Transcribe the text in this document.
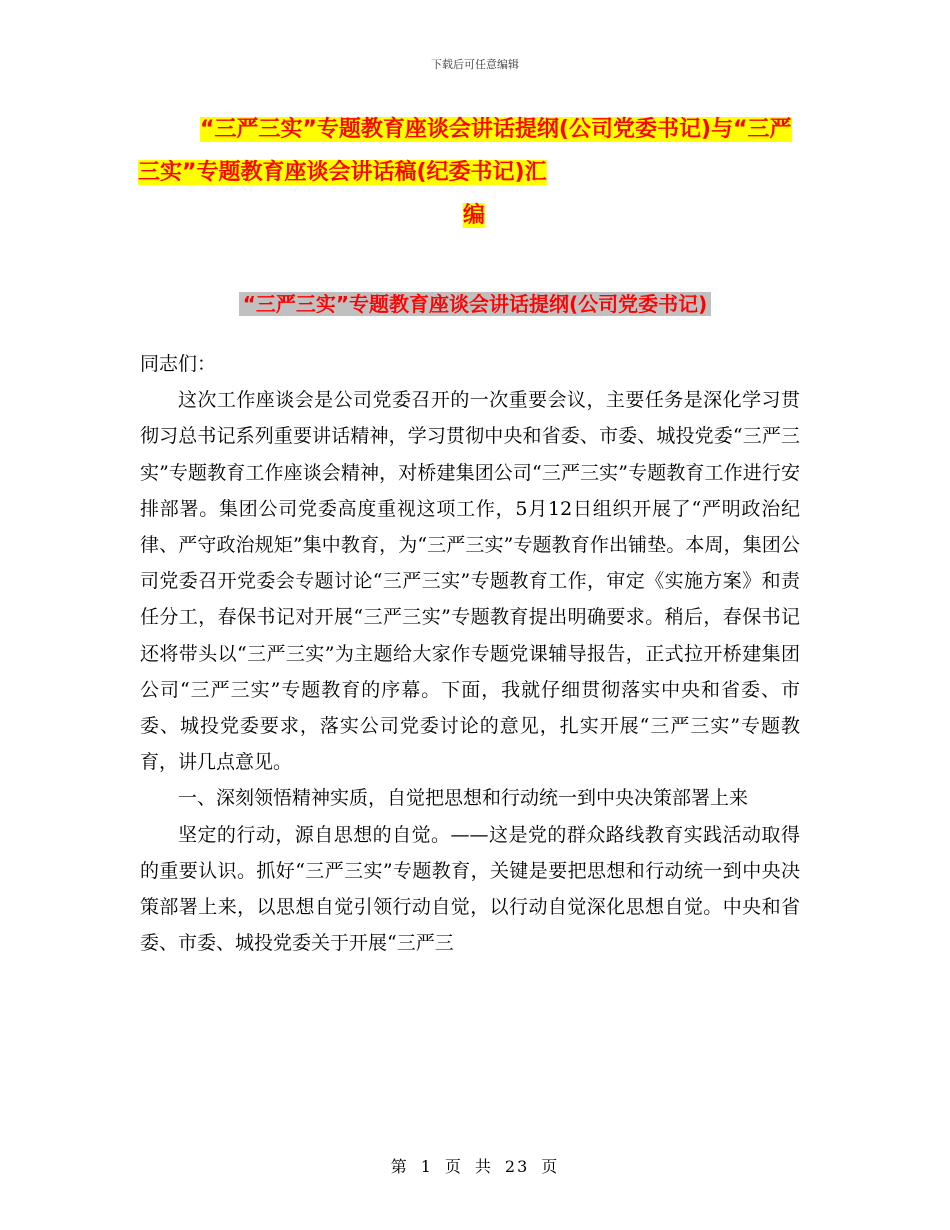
下载后可任意编辑
“三严三实”专题教育座谈会讲话提纲(公司党委书记)与“三严三实”专题教育座谈会讲话稿(纪委书记)汇
编
“三严三实”专题教育座谈会讲话提纲(公司党委书记)

同志们：

这次工作座谈会是公司党委召开的一次重要会议，主要任务是深化学习贯彻习总书记系列重要讲话精神，学习贯彻中央和省委、市委、城投党委“三严三实”专题教育工作座谈会精神，对桥建集团公司“三严三实”专题教育工作进行安排部署。集团公司党委高度重视这项工作，5月12日组织开展了“严明政治纪律、严守政治规矩”集中教育，为“三严三实”专题教育作出铺垫。本周，集团公司党委召开党委会专题讨论“三严三实”专题教育工作，审定《实施方案》和责任分工，春保书记对开展“三严三实”专题教育提出明确要求。稍后，春保书记还将带头以“三严三实”为主题给大家作专题党课辅导报告，正式拉开桥建集团公司“三严三实”专题教育的序幕。下面，我就仔细贯彻落实中央和省委、市委、城投党委要求，落实公司党委讨论的意见，扎实开展“三严三实”专题教育，讲几点意见。

一、深刻领悟精神实质，自觉把思想和行动统一到中央决策部署上来

坚定的行动，源自思想的自觉。——这是党的群众路线教育实践活动取得的重要认识。抓好“三严三实”专题教育，关键是要把思想和行动统一到中央决策部署上来，以思想自觉引领行动自觉，以行动自觉深化思想自觉。中央和省委、市委、城投党委关于开展“三严三

第 1 页 共 23 页
